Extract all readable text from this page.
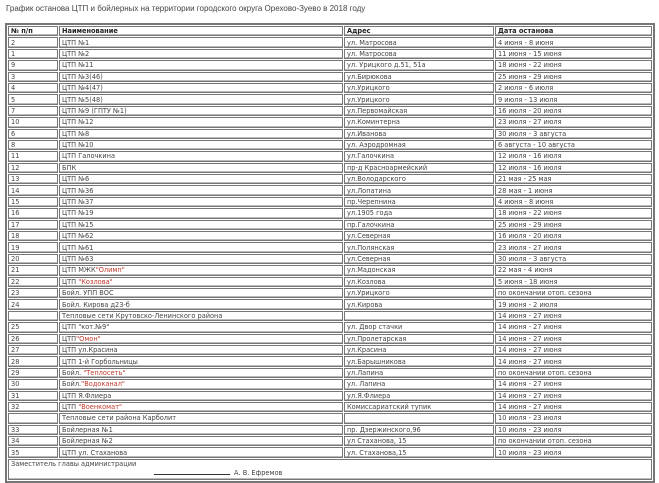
График останова ЦТП и бойлерных на территории городского округа Орехово-Зуево в 2018 году
№ п/п	Наименование	Адрес	Дата останова
2	ЦТП №1	ул. Матросова	4 июня - 8 июня
1	ЦТП №2	ул. Матросова	11 июня - 15 июня
9	ЦТП №11	ул. Урицкого д.51, 51а	18 июня - 22 июня
3	ЦТП №3(46)	ул.Бирюкова	25 июня - 29 июня
4	ЦТП №4(47)	ул.Урицкого	2 июля - 6 июля
5	ЦТП №5(48)	ул.Урицкого	9 июля - 13 июля
7	ЦТП №9 (ГПТУ №1)	ул.Первомайская	16 июля - 20 июля
10	ЦТП №12	ул.Коминтерна	23 июля - 27 июля
6	ЦТП №8	ул.Иванова	30 июля - 3 августа
8	ЦТП №10	ул. Аэродромная	6 августа - 10 августа
11	ЦТП Галочкина	ул.Галочкина	12 июля - 16 июля
12	БПК	пр-д Красноармейский	12 июля - 16 июля
13	ЦТП №6	ул.Володарского	21 мая - 25 мая
14	ЦТП №36	ул.Лопатина	28 мая - 1 июня
15	ЦТП №37	пр.Черепнина	4 июня - 8 июня
16	ЦТП №19	ул.1905 года	18 июня - 22 июня
17	ЦТП №15	пр.Галочкина	25 июня - 29 июня
18	ЦТП №62	ул.Северная	16 июля - 20 июля
19	ЦТП №61	ул.Полянская	23 июля - 27 июля
20	ЦТП №63	ул.Северная	30 июля - 3 августа
21	ЦТП МЖК"Олимп"	ул.Мадонская	22 мая - 4 июня
22	ЦТП "Козлова"	ул.Козлова	5 июня - 18 июня
23	Бойл. УПП ВОС	ул.Урицкого	по окончании отоп. сезона
24	Бойл. Кирова д23-б	ул.Кирова	19 июня - 2 июля
	Тепловые сети Крутовско-Ленинского района		14 июня - 27 июня
25	ЦТП "кот.№9"	ул. Двор стачки	14 июня - 27 июня
26	ЦТП"Омон"	ул.Пролетарская	14 июня - 27 июня
27	ЦТП ул.Красина	ул.Красина	14 июня - 27 июня
28	ЦТП 1-й Горбольницы	ул.Барышникова	14 июня - 27 июня
29	Бойл. "Теплосеть"	ул.Лапина	по окончании отоп. сезона
30	Бойл."Водоканал"	ул. Лапина	14 июня - 27 июня
31	ЦТП Я.Флиера	ул.Я.Флиера	14 июня - 27 июня
32	ЦТП "Военкомат"	Комиссариатский тупик	14 июня - 27 июня
	Тепловые сети района Карболит		10 июля - 23 июля
33	Бойлерная №1	пр. Дзержинского,96	10 июля - 23 июля
34	Бойлерная №2	ул Стаханова, 15	по окончании отоп. сезона
35	ЦТП ул. Стаханова	ул. Стаханова,15	10 июля - 23 июля
Заместитель главы администрации
А. В. Ефремов			
